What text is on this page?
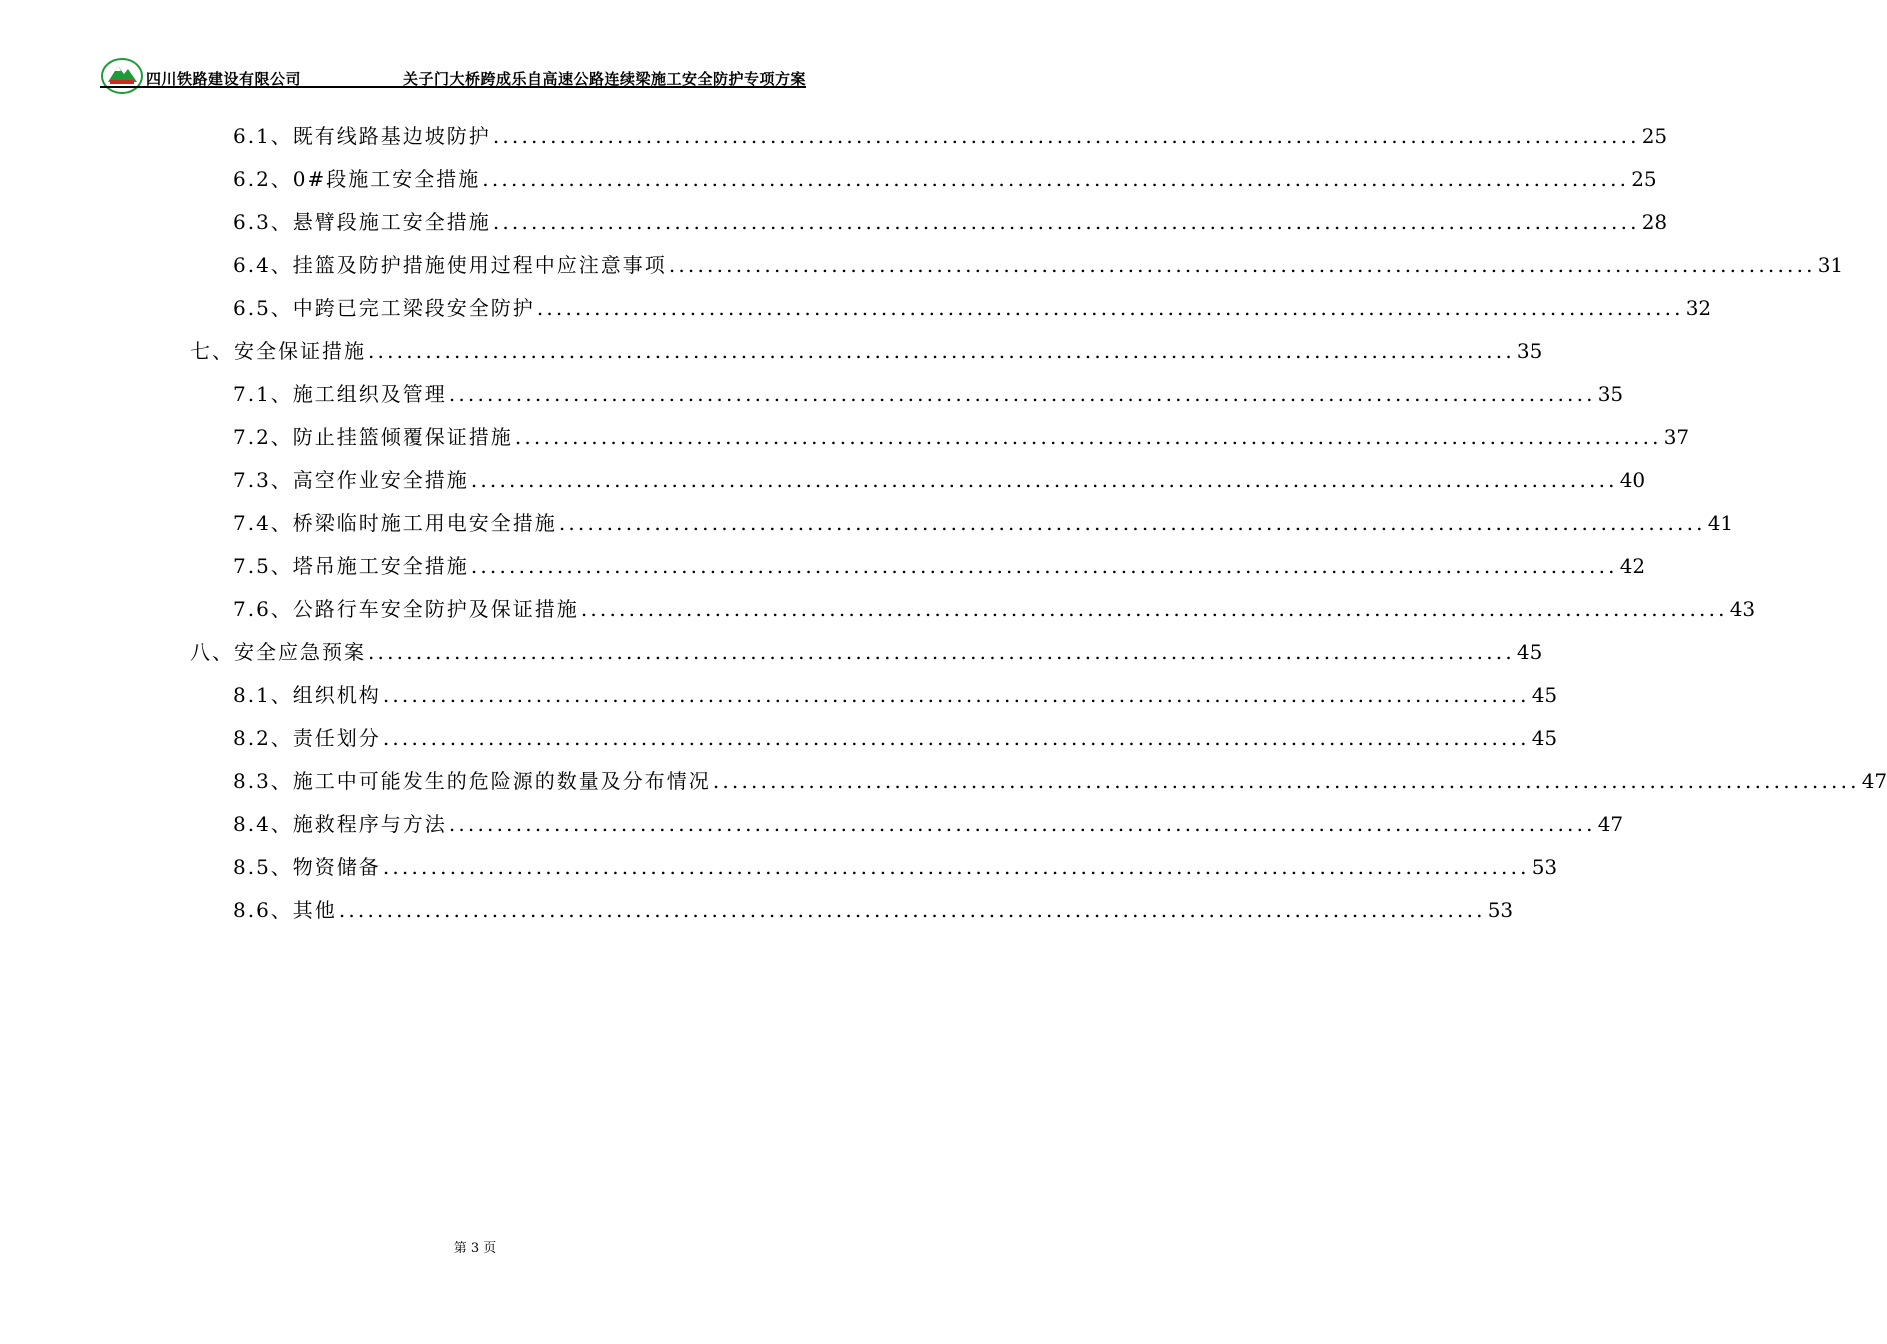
四川铁路建设有限公司	关子门大桥跨成乐自高速公路连续梁施工安全防护专项方案
6.1、既有线路基边坡防护 ........................................................................................................................ 25
6.2、0#段施工安全措施 ........................................................................................................................ 25
6.3、悬臂段施工安全措施 ........................................................................................................................ 28
6.4、挂篮及防护措施使用过程中应注意事项 ........................................................................................................................ 31
6.5、中跨已完工梁段安全防护 ........................................................................................................................ 32
七、安全保证措施 ........................................................................................................................ 35
7.1、施工组织及管理 ........................................................................................................................ 35
7.2、防止挂篮倾覆保证措施 ........................................................................................................................ 37
7.3、高空作业安全措施 ........................................................................................................................ 40
7.4、桥梁临时施工用电安全措施 ........................................................................................................................ 41
7.5、塔吊施工安全措施 ........................................................................................................................ 42
7.6、公路行车安全防护及保证措施 ........................................................................................................................ 43
八、安全应急预案 ........................................................................................................................ 45
8.1、组织机构 ........................................................................................................................ 45
8.2、责任划分 ........................................................................................................................ 45
8.3、施工中可能发生的危险源的数量及分布情况 ........................................................................................................................ 47
8.4、施救程序与方法 ........................................................................................................................ 47
8.5、物资储备 ........................................................................................................................ 53
8.6、其他 ........................................................................................................................ 53
第 3 页
